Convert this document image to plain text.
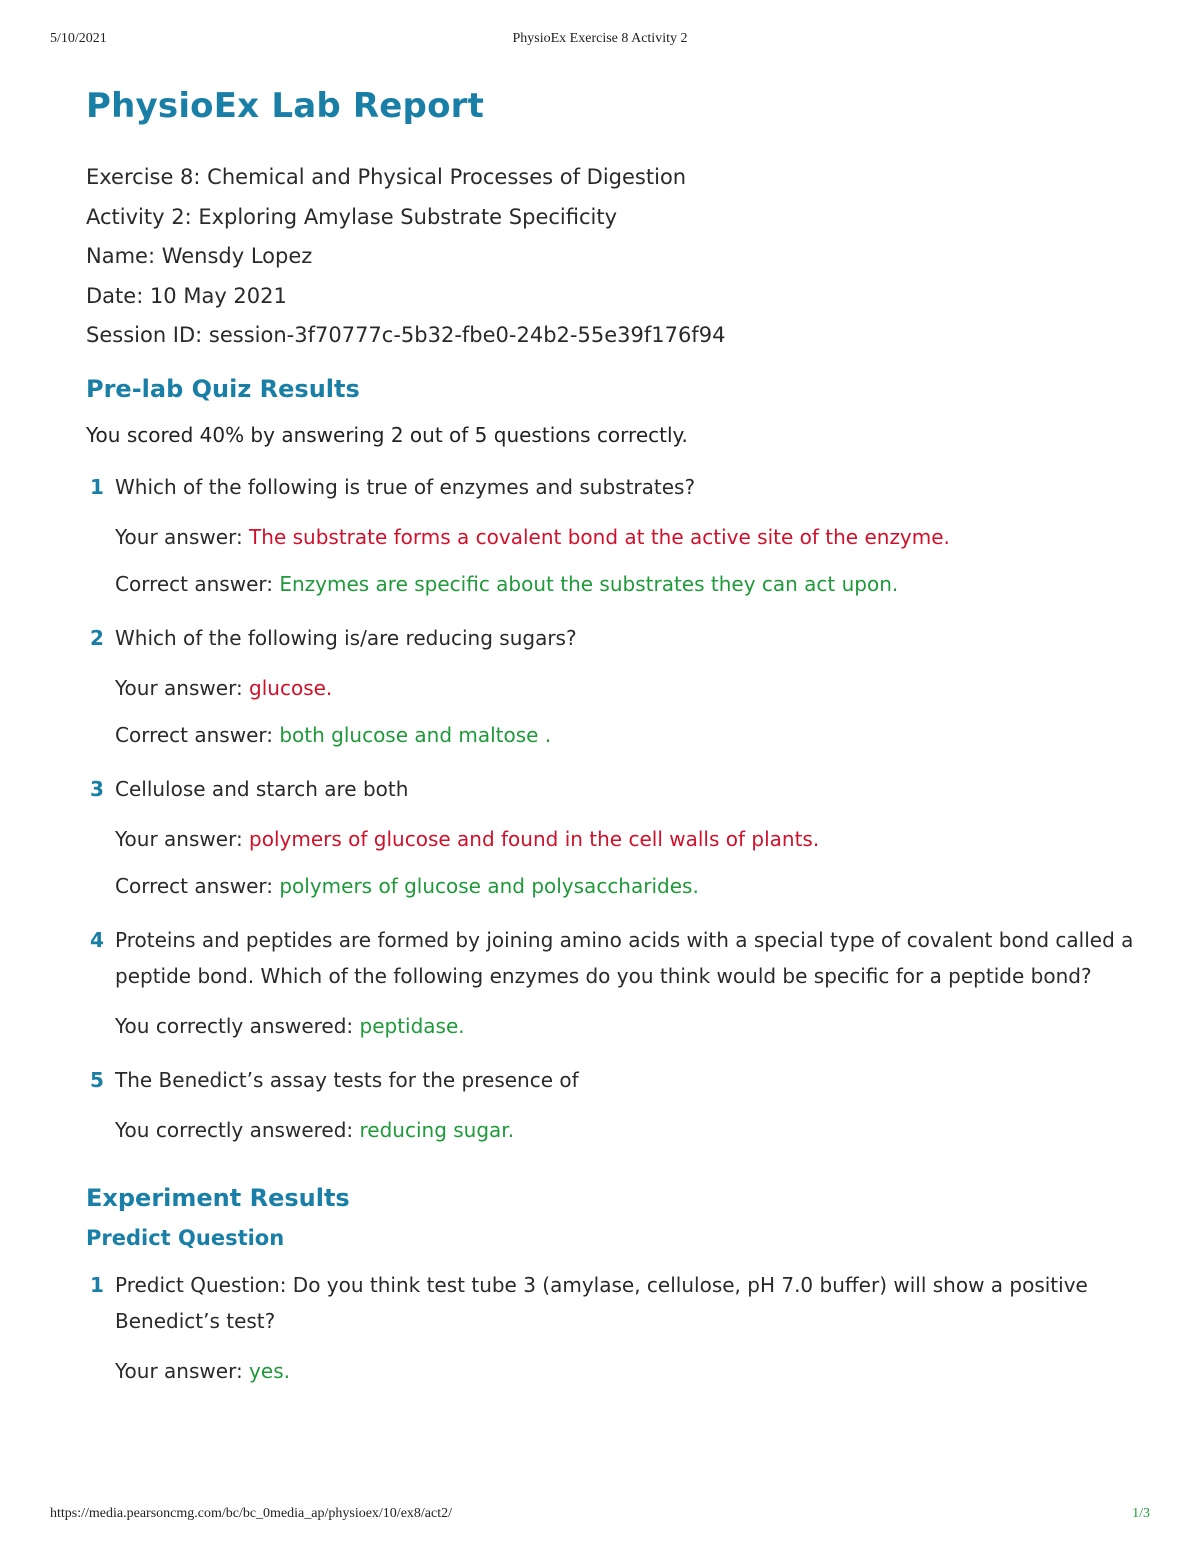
5/10/2021	PhysioEx Exercise 8 Activity 2
PhysioEx Lab Report
Exercise 8: Chemical and Physical Processes of Digestion
Activity 2: Exploring Amylase Substrate Specificity
Name: Wensdy Lopez
Date: 10 May 2021
Session ID: session-3f70777c-5b32-fbe0-24b2-55e39f176f94
Pre-lab Quiz Results
You scored 40% by answering 2 out of 5 questions correctly.
1 Which of the following is true of enzymes and substrates?
Your answer: The substrate forms a covalent bond at the active site of the enzyme.
Correct answer: Enzymes are specific about the substrates they can act upon.
2 Which of the following is/are reducing sugars?
Your answer: glucose.
Correct answer: both glucose and maltose .
3 Cellulose and starch are both
Your answer: polymers of glucose and found in the cell walls of plants.
Correct answer: polymers of glucose and polysaccharides.
4 Proteins and peptides are formed by joining amino acids with a special type of covalent bond called a peptide bond. Which of the following enzymes do you think would be specific for a peptide bond?
You correctly answered: peptidase.
5 The Benedict’s assay tests for the presence of
You correctly answered: reducing sugar.
Experiment Results
Predict Question
1 Predict Question: Do you think test tube 3 (amylase, cellulose, pH 7.0 buffer) will show a positive Benedict’s test?
Your answer: yes.
https://media.pearsoncmg.com/bc/bc_0media_ap/physioex/10/ex8/act2/	1/3
